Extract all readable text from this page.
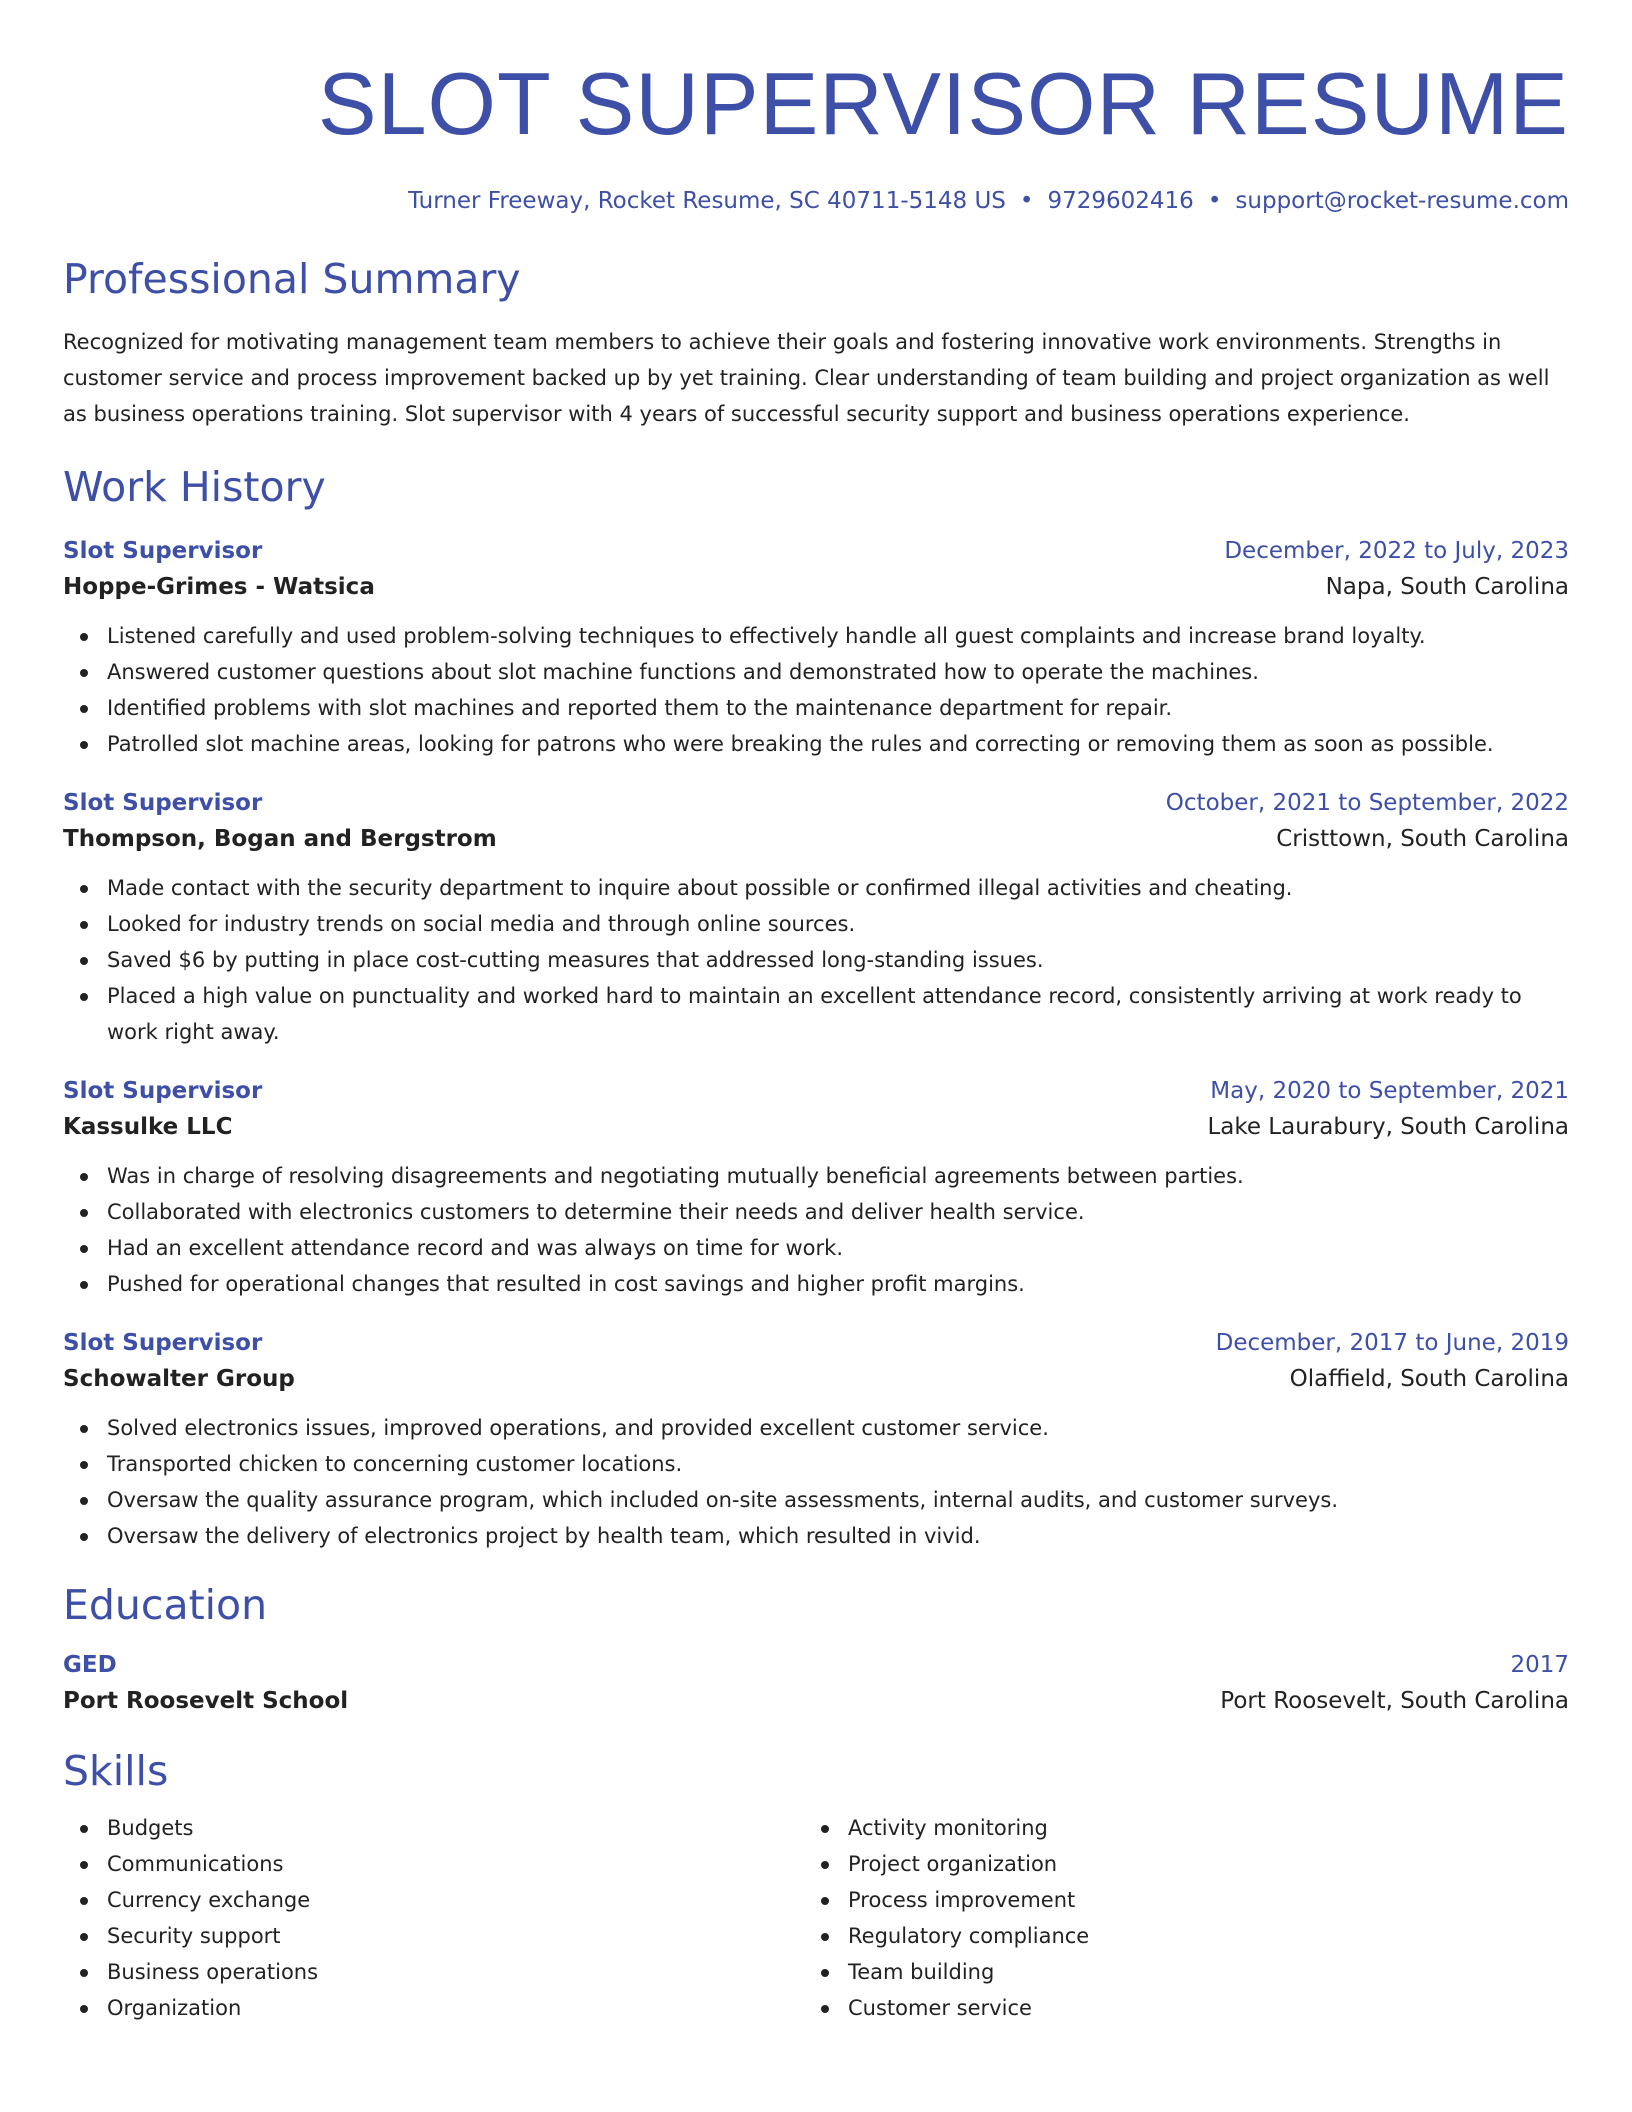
SLOT SUPERVISOR RESUME
Turner Freeway, Rocket Resume, SC 40711-5148 US • 9729602416 • support@rocket-resume.com
Professional Summary

Recognized for motivating management team members to achieve their goals and fostering innovative work environments. Strengths in customer service and process improvement backed up by yet training. Clear understanding of team building and project organization as well as business operations training. Slot supervisor with 4 years of successful security support and business operations experience.

Work History
Slot Supervisor	December, 2022 to July, 2023
Hoppe-Grimes - Watsica	Napa, South Carolina
Listened carefully and used problem-solving techniques to effectively handle all guest complaints and increase brand loyalty.
Answered customer questions about slot machine functions and demonstrated how to operate the machines.
Identified problems with slot machines and reported them to the maintenance department for repair.
Patrolled slot machine areas, looking for patrons who were breaking the rules and correcting or removing them as soon as possible.
Slot Supervisor	October, 2021 to September, 2022
Thompson, Bogan and Bergstrom	Cristtown, South Carolina
Made contact with the security department to inquire about possible or confirmed illegal activities and cheating.
Looked for industry trends on social media and through online sources.
Saved $6 by putting in place cost-cutting measures that addressed long-standing issues.
Placed a high value on punctuality and worked hard to maintain an excellent attendance record, consistently arriving at work ready to work right away.
Slot Supervisor	May, 2020 to September, 2021
Kassulke LLC	Lake Laurabury, South Carolina
Was in charge of resolving disagreements and negotiating mutually beneficial agreements between parties.
Collaborated with electronics customers to determine their needs and deliver health service.
Had an excellent attendance record and was always on time for work.
Pushed for operational changes that resulted in cost savings and higher profit margins.
Slot Supervisor	December, 2017 to June, 2019
Schowalter Group	Olaffield, South Carolina
Solved electronics issues, improved operations, and provided excellent customer service.
Transported chicken to concerning customer locations.
Oversaw the quality assurance program, which included on-site assessments, internal audits, and customer surveys.
Oversaw the delivery of electronics project by health team, which resulted in vivid.
Education
GED	2017
Port Roosevelt School	Port Roosevelt, South Carolina
Skills
Budgets
Communications
Currency exchange
Security support
Business operations
Organization
Activity monitoring
Project organization
Process improvement
Regulatory compliance
Team building
Customer service
